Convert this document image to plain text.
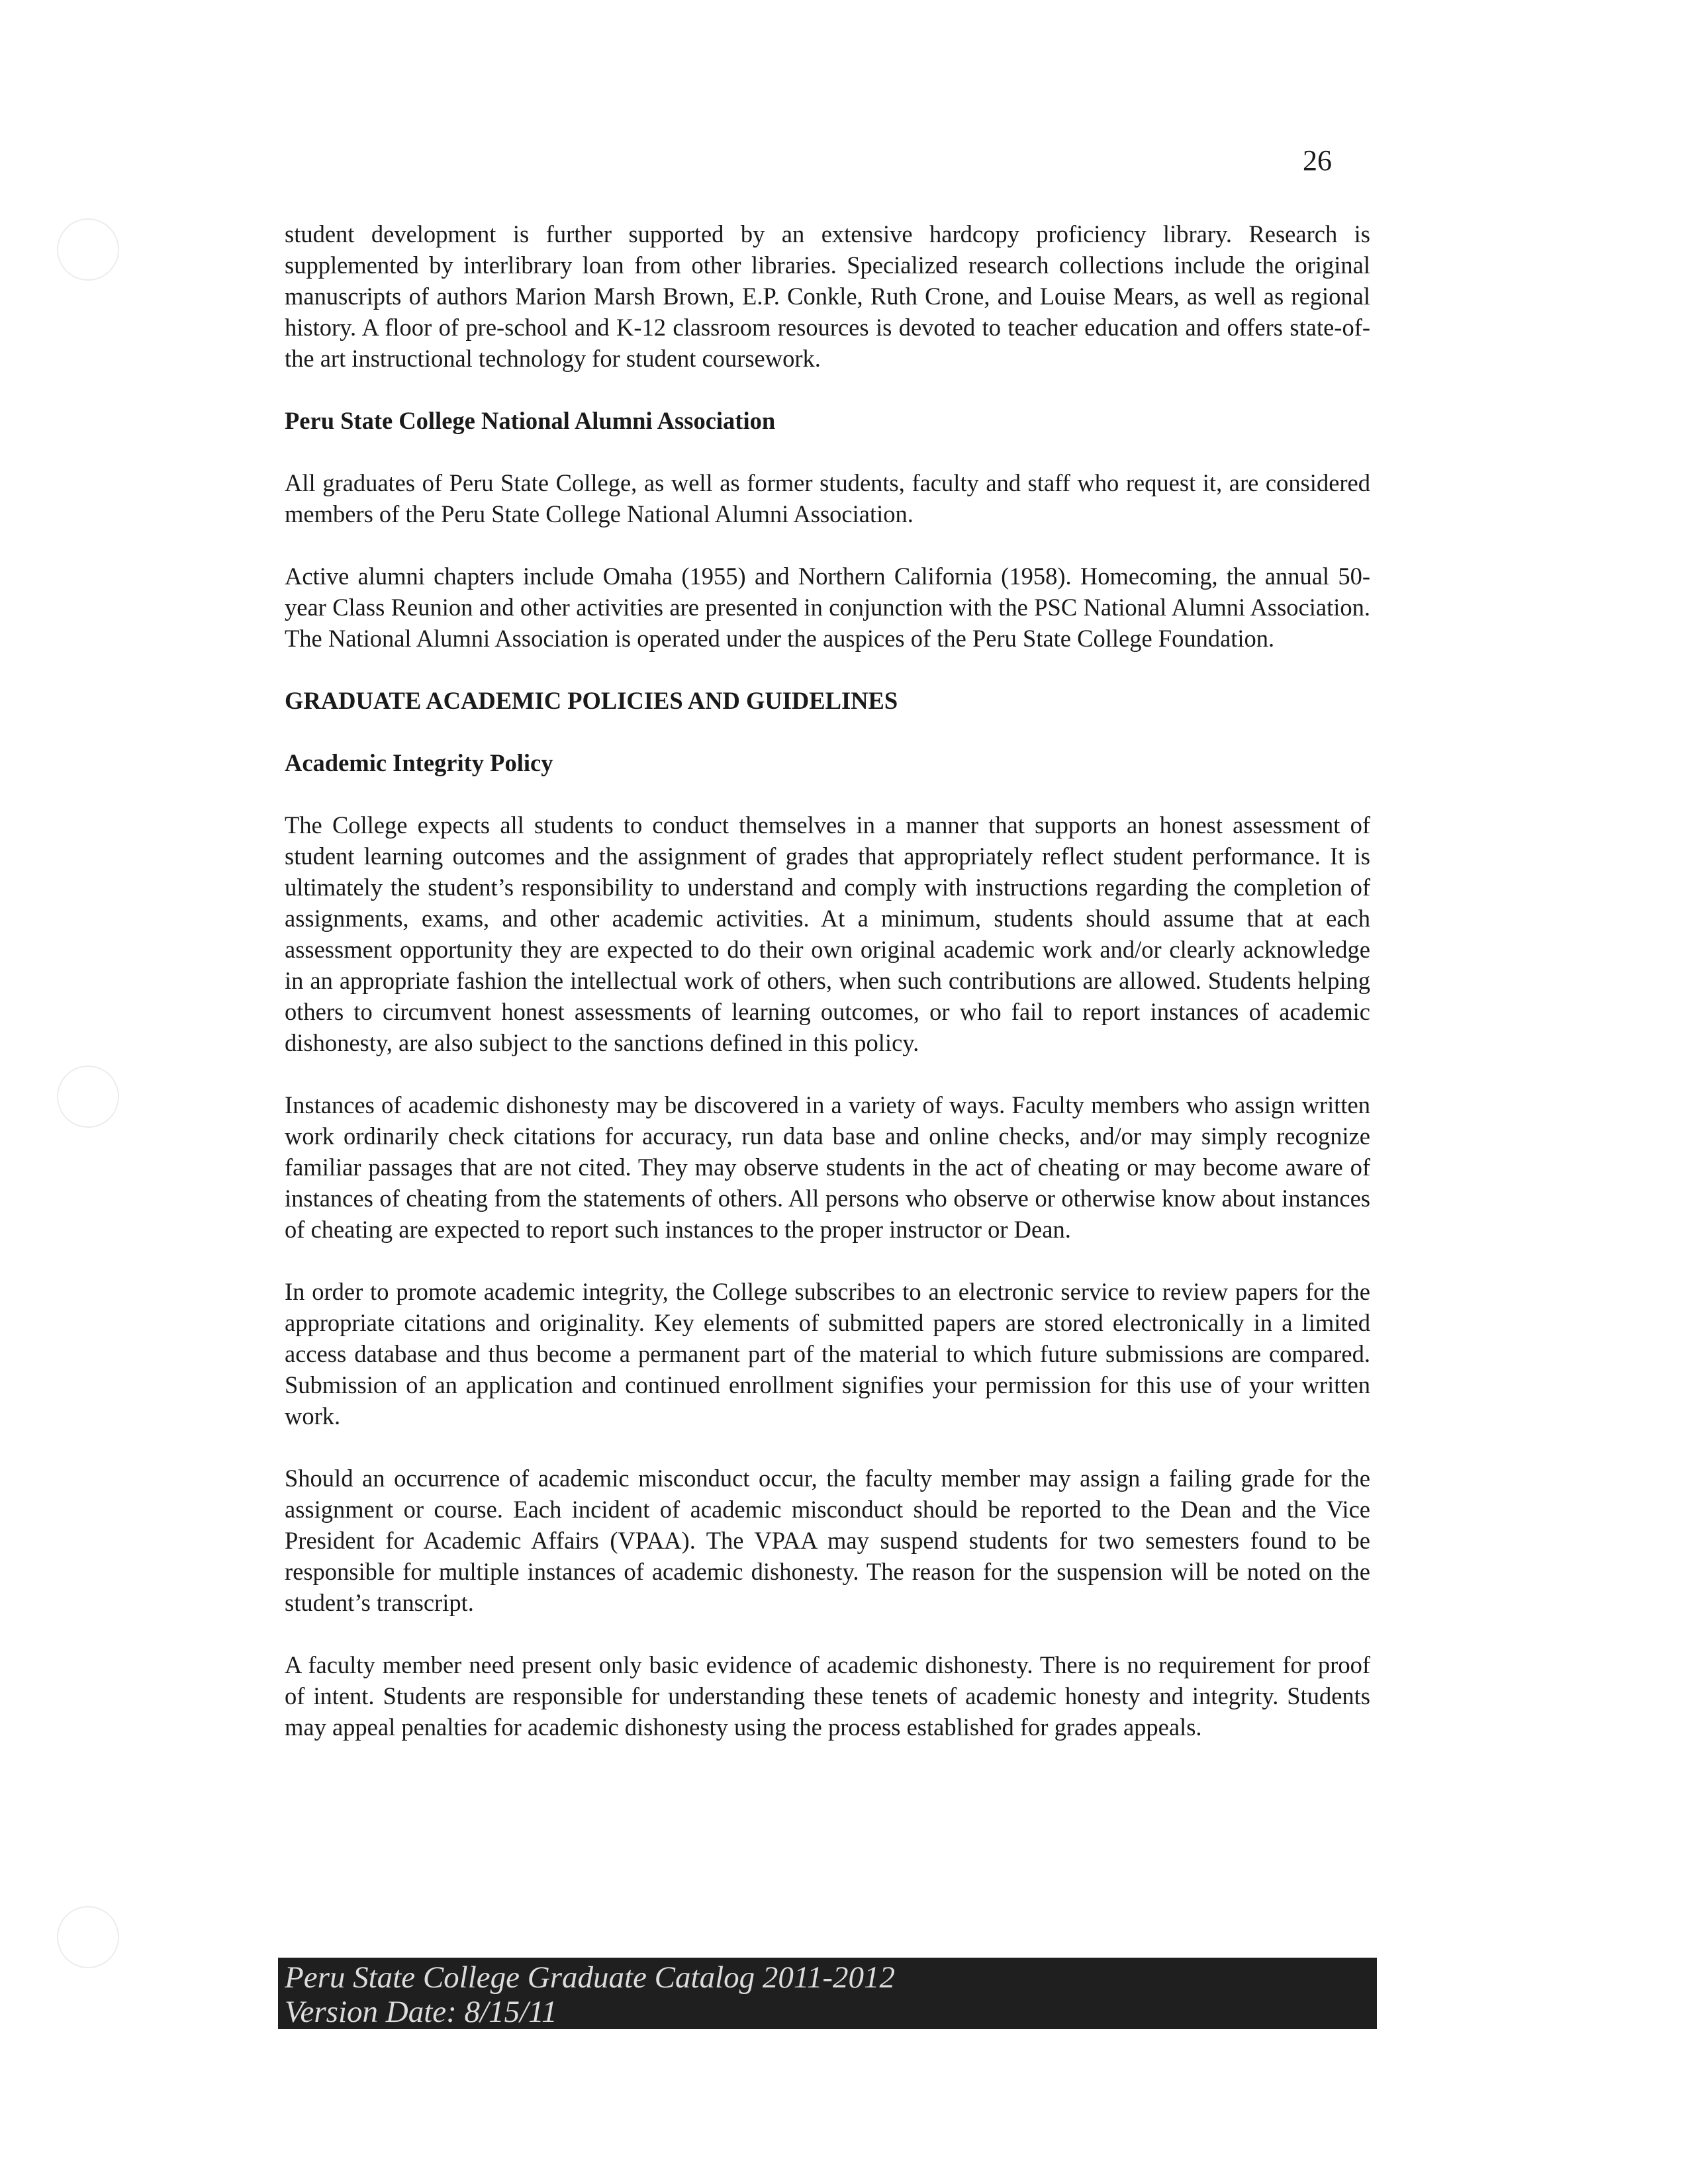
26

student development is further supported by an extensive hardcopy proficiency library. Research is supplemented by interlibrary loan from other libraries. Specialized research collections include the original manuscripts of authors Marion Marsh Brown, E.P. Conkle, Ruth Crone, and Louise Mears, as well as regional history. A floor of pre-school and K-12 classroom resources is devoted to teacher education and offers state-of-the art instructional technology for student coursework.

Peru State College National Alumni Association

All graduates of Peru State College, as well as former students, faculty and staff who request it, are considered members of the Peru State College National Alumni Association.

Active alumni chapters include Omaha (1955) and Northern California (1958). Homecoming, the annual 50-year Class Reunion and other activities are presented in conjunction with the PSC National Alumni Association. The National Alumni Association is operated under the auspices of the Peru State College Foundation.

GRADUATE ACADEMIC POLICIES AND GUIDELINES

Academic Integrity Policy

The College expects all students to conduct themselves in a manner that supports an honest assessment of student learning outcomes and the assignment of grades that appropriately reflect student performance. It is ultimately the student’s responsibility to understand and comply with instructions regarding the completion of assignments, exams, and other academic activities. At a minimum, students should assume that at each assessment opportunity they are expected to do their own original academic work and/or clearly acknowledge in an appropriate fashion the intellectual work of others, when such contributions are allowed. Students helping others to circumvent honest assessments of learning outcomes, or who fail to report instances of academic dishonesty, are also subject to the sanctions defined in this policy.

Instances of academic dishonesty may be discovered in a variety of ways. Faculty members who assign written work ordinarily check citations for accuracy, run data base and online checks, and/or may simply recognize familiar passages that are not cited. They may observe students in the act of cheating or may become aware of instances of cheating from the statements of others. All persons who observe or otherwise know about instances of cheating are expected to report such instances to the proper instructor or Dean.

In order to promote academic integrity, the College subscribes to an electronic service to review papers for the appropriate citations and originality. Key elements of submitted papers are stored electronically in a limited access database and thus become a permanent part of the material to which future submissions are compared. Submission of an application and continued enrollment signifies your permission for this use of your written work.

Should an occurrence of academic misconduct occur, the faculty member may assign a failing grade for the assignment or course. Each incident of academic misconduct should be reported to the Dean and the Vice President for Academic Affairs (VPAA). The VPAA may suspend students for two semesters found to be responsible for multiple instances of academic dishonesty. The reason for the suspension will be noted on the student’s transcript.

A faculty member need present only basic evidence of academic dishonesty. There is no requirement for proof of intent. Students are responsible for understanding these tenets of academic honesty and integrity. Students may appeal penalties for academic dishonesty using the process established for grades appeals.

Peru State College Graduate Catalog 2011-2012
Version Date: 8/15/11
